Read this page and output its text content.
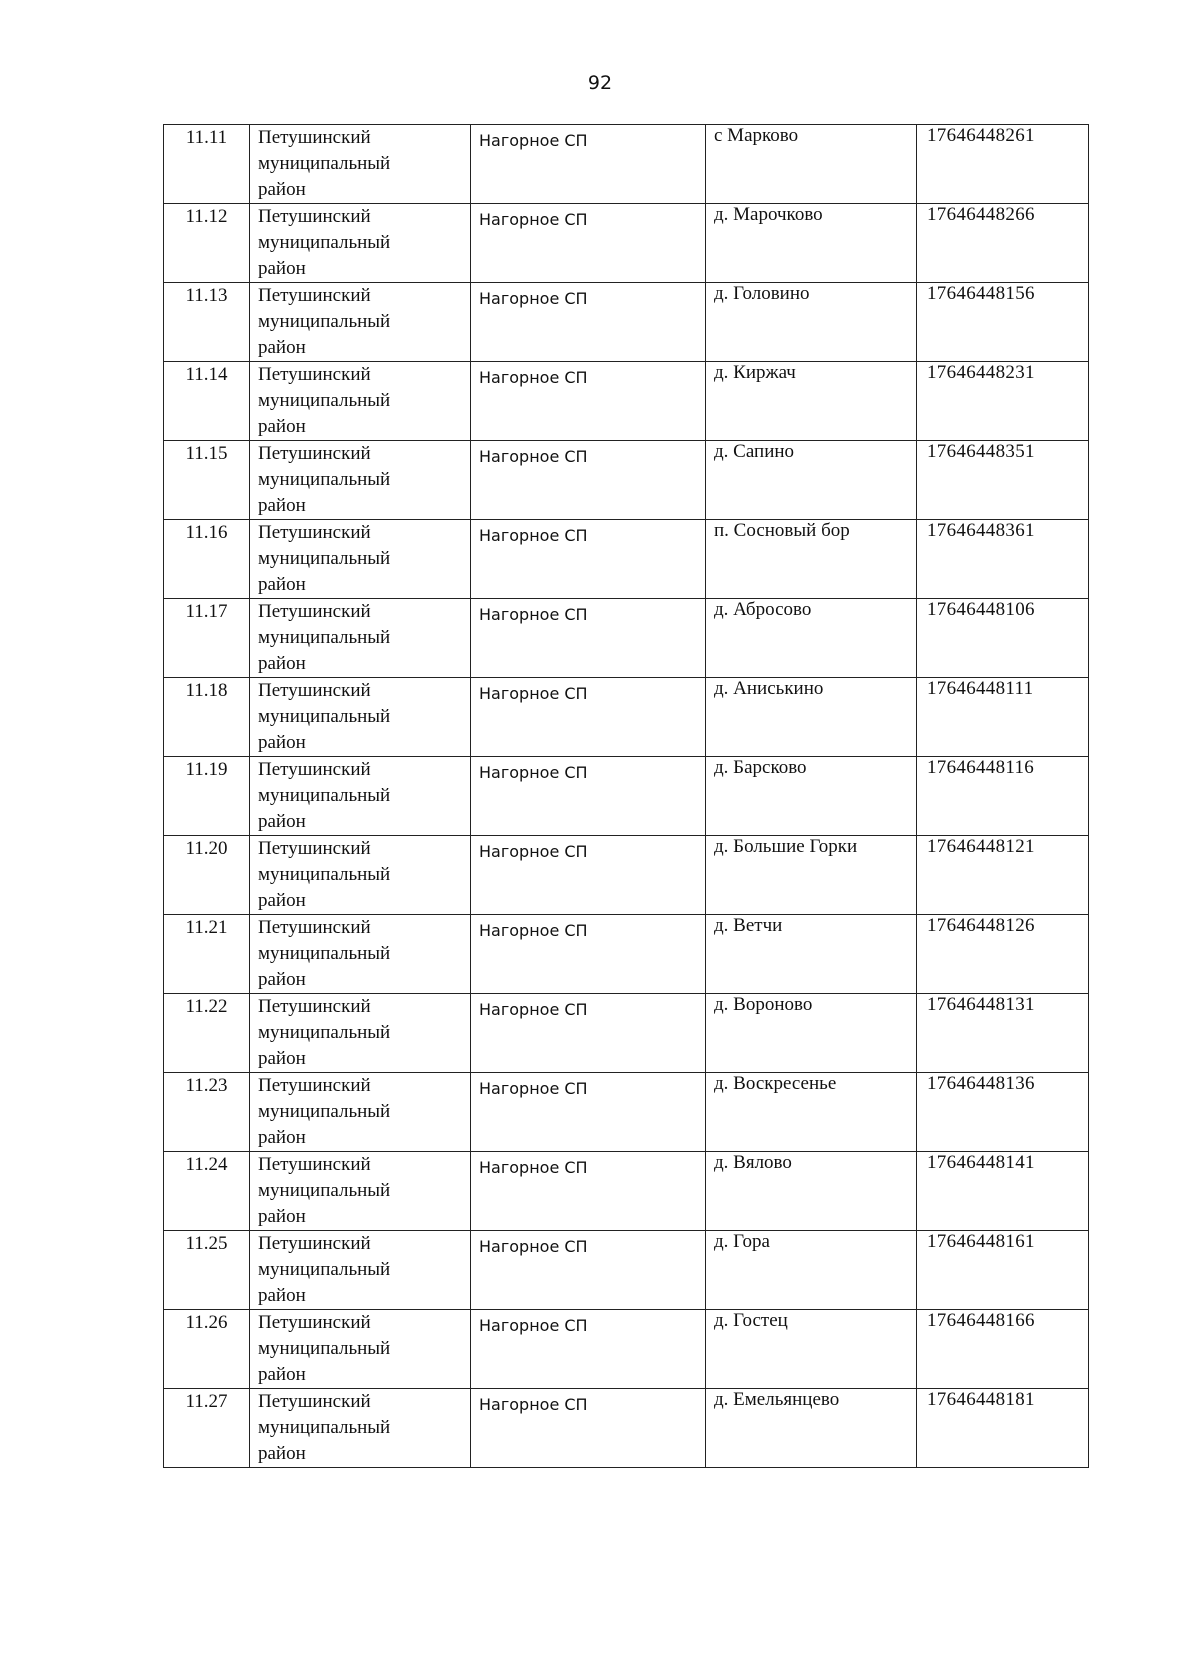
92
11.11	Петушинский
муниципальный
район	Нагорное СП	с Марково	17646448261
11.12	Петушинский
муниципальный
район	Нагорное СП	д. Марочково	17646448266
11.13	Петушинский
муниципальный
район	Нагорное СП	д. Головино	17646448156
11.14	Петушинский
муниципальный
район	Нагорное СП	д. Киржач	17646448231
11.15	Петушинский
муниципальный
район	Нагорное СП	д. Сапино	17646448351
11.16	Петушинский
муниципальный
район	Нагорное СП	п. Сосновый бор	17646448361
11.17	Петушинский
муниципальный
район	Нагорное СП	д. Абросово	17646448106
11.18	Петушинский
муниципальный
район	Нагорное СП	д. Аниськино	17646448111
11.19	Петушинский
муниципальный
район	Нагорное СП	д. Барсково	17646448116
11.20	Петушинский
муниципальный
район	Нагорное СП	д. Большие Горки	17646448121
11.21	Петушинский
муниципальный
район	Нагорное СП	д. Ветчи	17646448126
11.22	Петушинский
муниципальный
район	Нагорное СП	д. Вороново	17646448131
11.23	Петушинский
муниципальный
район	Нагорное СП	д. Воскресенье	17646448136
11.24	Петушинский
муниципальный
район	Нагорное СП	д. Вялово	17646448141
11.25	Петушинский
муниципальный
район	Нагорное СП	д. Гора	17646448161
11.26	Петушинский
муниципальный
район	Нагорное СП	д. Гостец	17646448166
11.27	Петушинский
муниципальный
район	Нагорное СП	д. Емельянцево	17646448181
